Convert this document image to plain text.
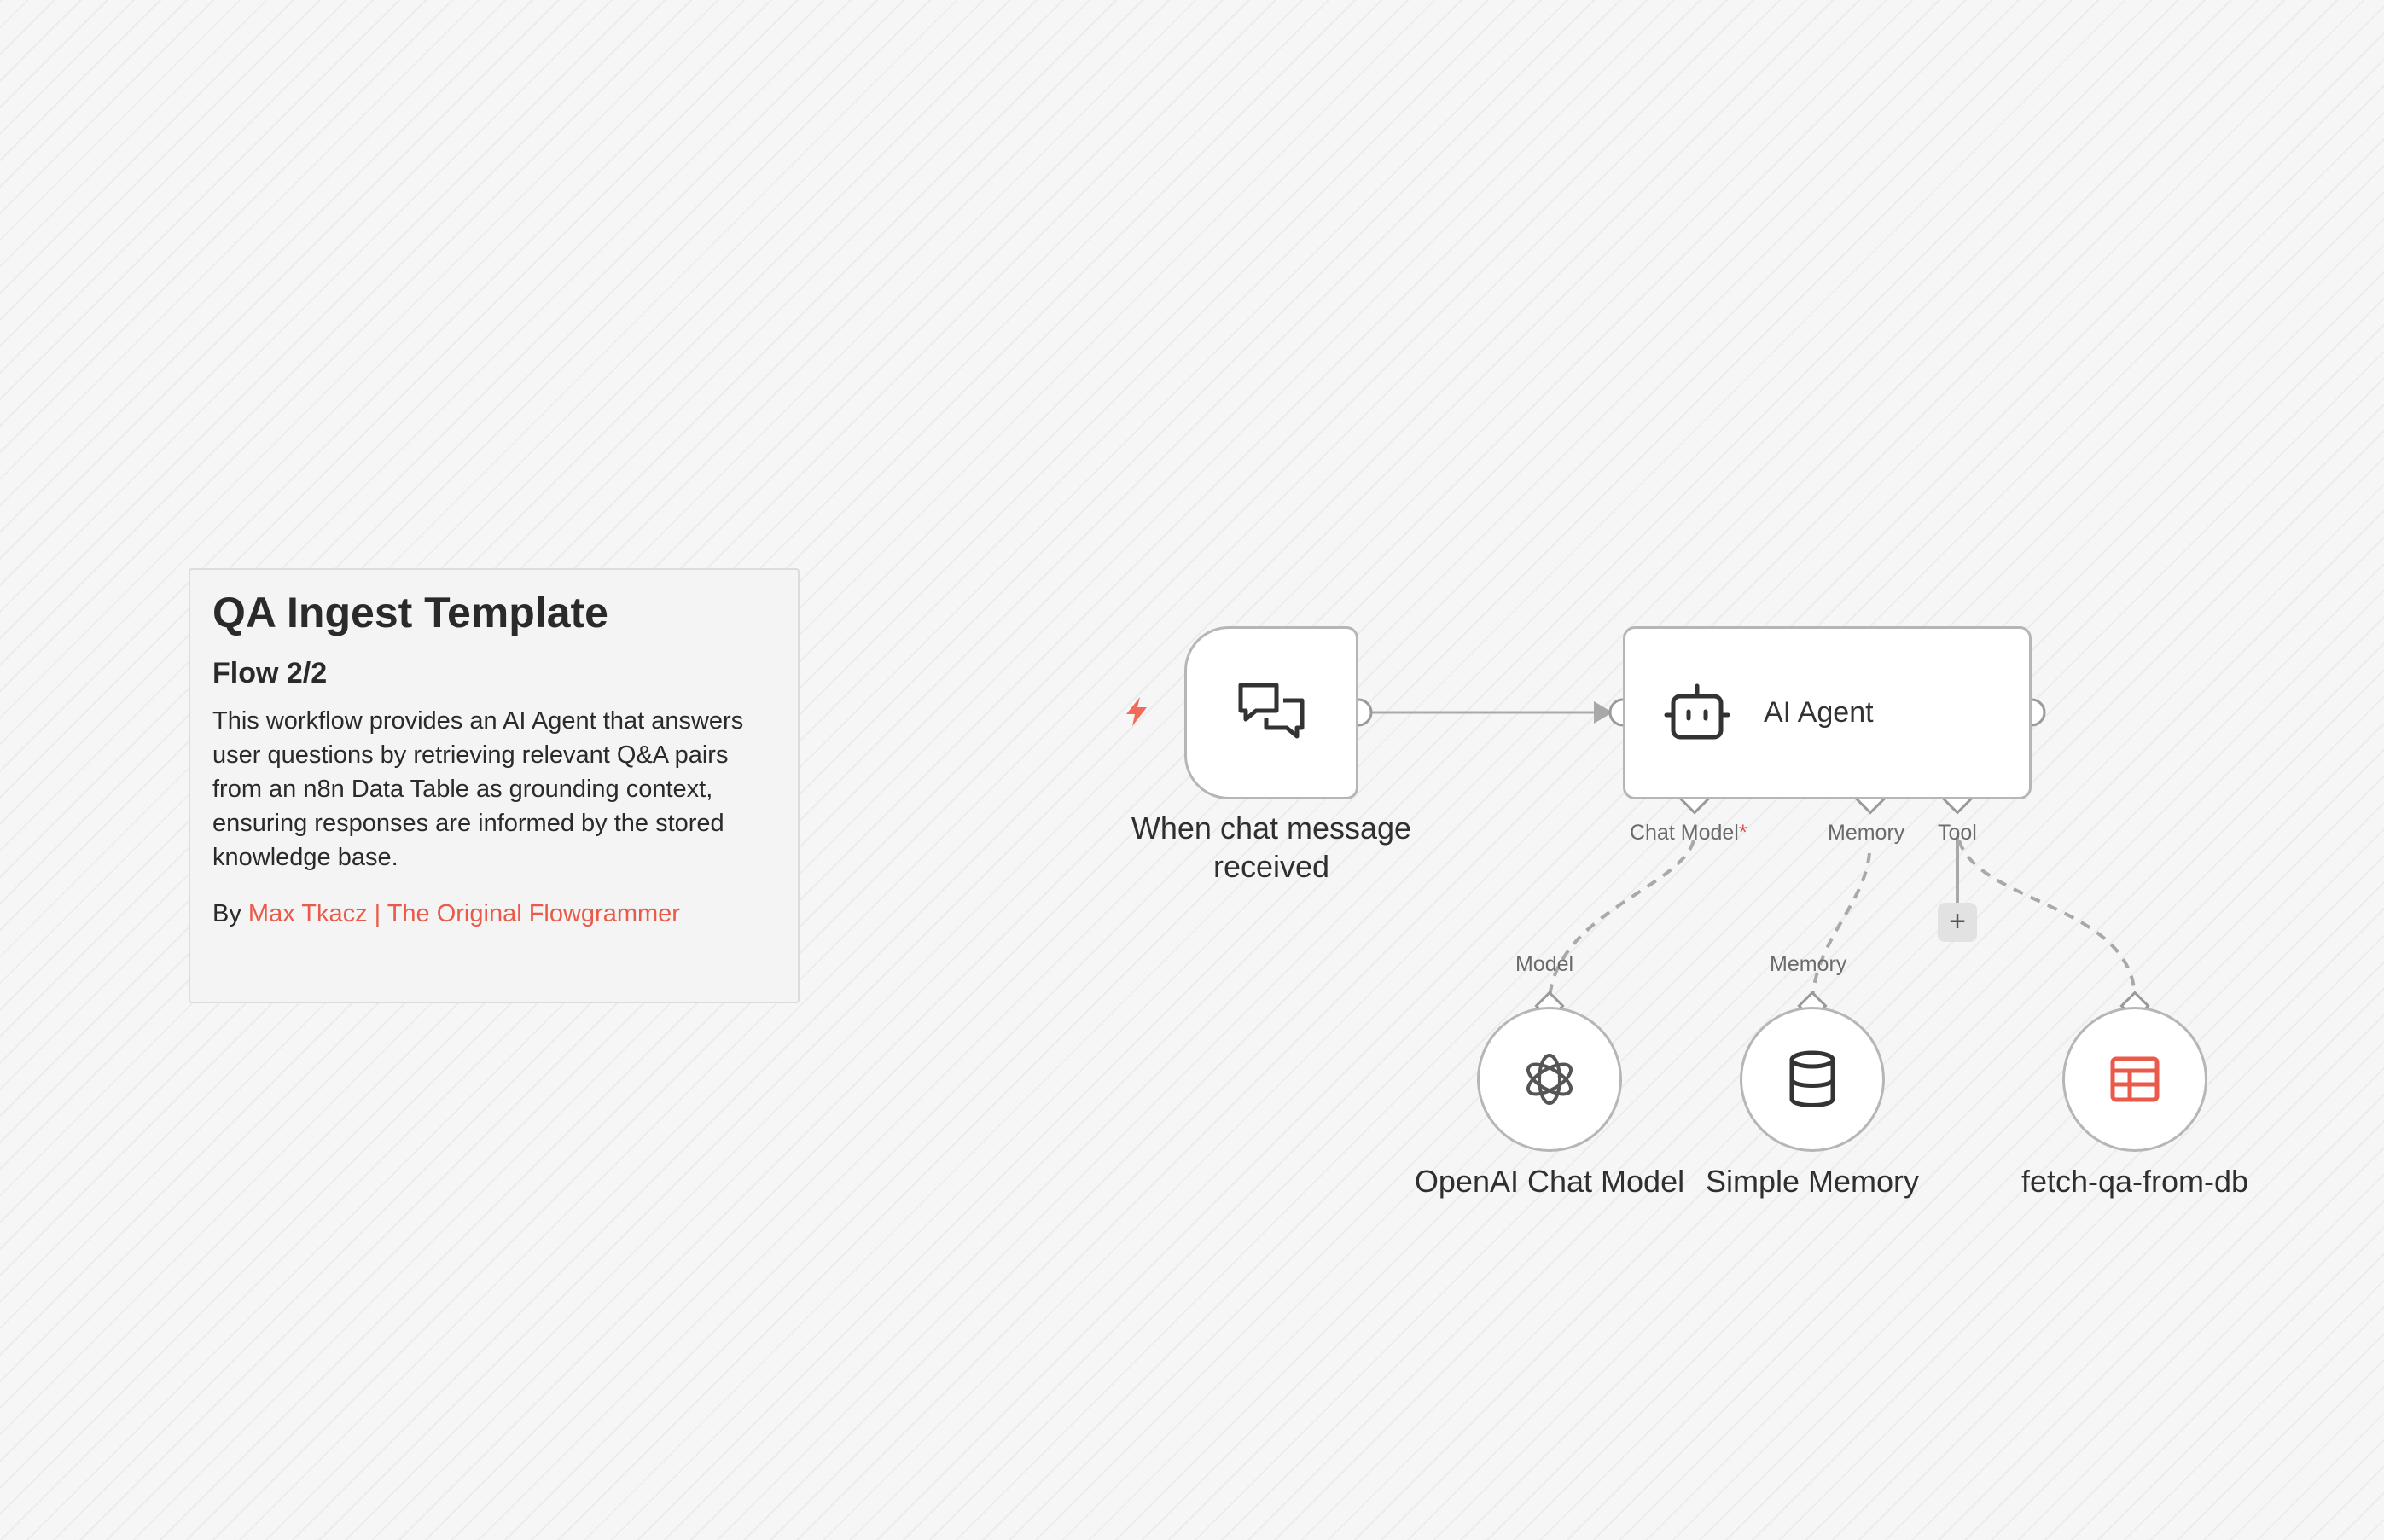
QA Ingest Template
Flow 2/2

This workflow provides an AI Agent that answers user questions by retrieving relevant Q&A pairs from an n8n Data Table as grounding context, ensuring responses are informed by the stored knowledge base.

By Max Tkacz | The Original Flowgrammer
When chat message received
AI Agent
Chat Model*	Memory Tool
Model	Memory
+
OpenAI Chat Model Simple Memory	fetch-qa-from-db
